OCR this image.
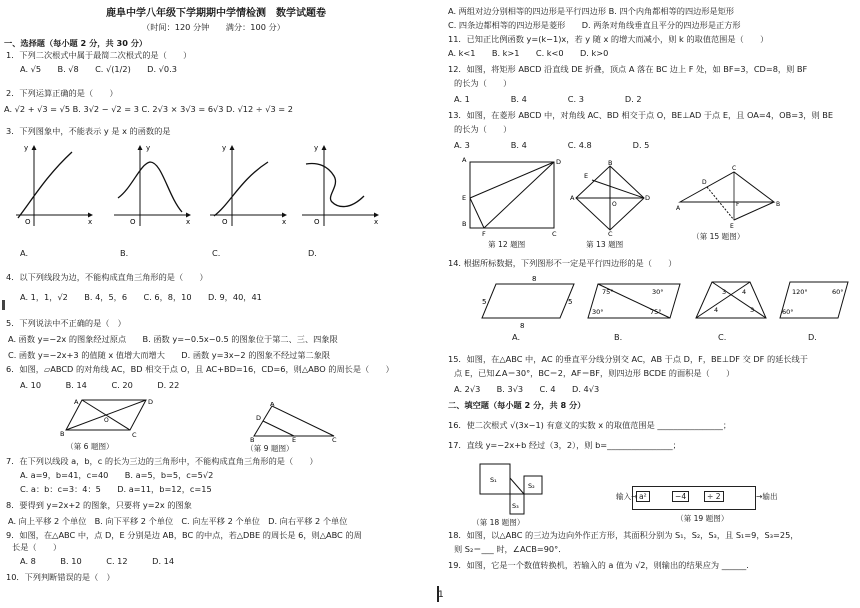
鹿阜中学八年级下学期期中学情检测　数学试题卷
（时间：120 分钟　　满分：100 分）
一、选择题（每小题 2 分，共 30 分）
1．下列二次根式中属于最简二次根式的是（　　）
A. √5　　B. √8　　C. √(1/2)　　D. √0.3
2．下列运算正确的是（　　）
A. √2 + √3 = √5 B. 3√2 − √2 = 3 C. 2√3 × 3√3 = 6√3 D. √12 ÷ √3 = 2
3．下列图象中，不能表示 y 是 x 的函数的是
O	x
y
O	x
y
O	x
y
O	x
y
A.	B.	C.	D.
4．以下列线段为边，不能构成直角三角形的是（　　）
A. 1，1，√2　　B. 4，5，6　　C. 6，8，10　　D. 9，40，41
5．下列说法中不正确的是（　）
A. 函数 y=−2x 的图象经过原点　　B. 函数 y=−0.5x−0.5 的图象位于第二、三、四象限
C. 函数 y=−2x+3 的值随 x 值增大而增大　　D. 函数 y=3x−2 的图象不经过第二象限
6．如图，▱ABCD 的对角线 AC，BD 相交于点 O，且 AC+BD=16，CD=6，则△ABO 的周长是（　　）
A. 10　　　B. 14　　　C. 20　　　D. 22
A
B	C
D
O
（第 6 题图）
A
B	C
D
E
（第 9 题图）
7．在下列以线段 a，b，c 的长为三边的三角形中，不能构成直角三角形的是（　　）
A. a=9，b=41，c=40　　B. a=5，b=5，c=5√2
C. a：b：c=3：4：5　　D. a=11，b=12，c=15
8．要得到 y=2x+2 的图象，只要将 y=2x 的图象
A. 向上平移 2 个单位　B. 向下平移 2 个单位　C. 向左平移 2 个单位　D. 向右平移 2 个单位
9．如图，在△ABC 中，点 D，E 分别是边 AB，BC 的中点，若△DBE 的周长是 6，则△ABC 的周
长是（　　）
A. 8　　　B. 10　　　C. 12　　　D. 14
10．下列判断错误的是（　）
A. 两组对边分别相等的四边形是平行四边形 B. 四个内角都相等的四边形是矩形
C. 四条边都相等的四边形是菱形　　D. 两条对角线垂直且平分的四边形是正方形
11．已知正比例函数 y=(k−1)x，若 y 随 x 的增大而减小，则 k 的取值范围是（　　）
A. k<1　　B. k>1　　C. k<0　　D. k>0
12．如图，将矩形 ABCD 沿直线 DE 折叠，顶点 A 落在 BC 边上 F 处，如 BF=3，CD=8，则 BF
的长为（　　）
A. 1　　　　　B. 4　　　　　C. 3　　　　　D. 2
13．如图，在菱形 ABCD 中，对角线 AC、BD 相交于点 O，BE⊥AD 于点 E，且 OA=4，OB=3，则 BE
的长为（　　）
A. 3　　　　　B. 4　　　　　C. 4.8　　　　　D. 5
A
B
C
D
E
F
第 12 题图
A
B
C
D
E
O
第 13 题图
A
C
B
D
F
E
（第 15 题图）
14. 根据所标数据，下列图形不一定是平行四边形的是（　　）
8
5	5
8
75°	30°
30°	75°
3 4
4	3
120°	60°
60°
A.	B.	C.	D.
15．如图，在△ABC 中，AC 的垂直平分线分别交 AC，AB 于点 D，F，BE⊥DF 交 DF 的延长线于
点 E，已知∠A＝30°，BC＝2，AF＝BF，则四边形 BCDE 的面积是（　　）
A. 2√3　　B. 3√3　　C. 4　　D. 4√3
二、填空题（每小题 2 分，共 8 分）
16．使二次根式 √(3x−1) 有意义的实数 x 的取值范围是 ________________；
17．直线 y=−2x+b 经过（3，2），则 b=________________；
S₁
S₂
S₃
（第 18 题图）
输入→ a²	−4	÷ 2	→输出
（第 19 题图）
18．如图，以△ABC 的三边为边向外作正方形，其面积分别为 S₁，S₂，S₃，且 S₁=9，S₃=25，
则 S₂＝___ 时，∠ACB=90°．
19．如图，它是一个数值转换机，若输入的 a 值为 √2，则输出的结果应为 ______.
1
